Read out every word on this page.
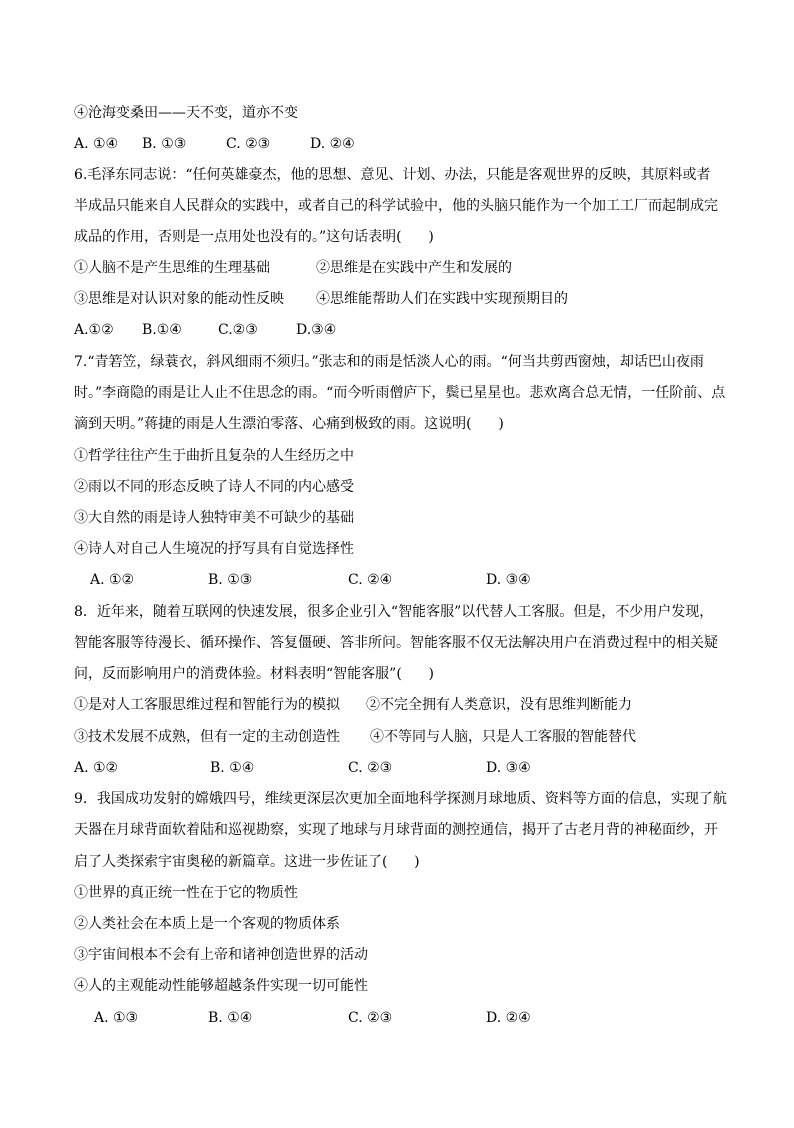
④沧海变桑田——天不变，道亦不变

A. ①④

B. ①③

	C. ②③

	D. ②④

6.毛泽东同志说：“任何英雄豪杰，他的思想、意见、计划、办法，只能是客观世界的反映，其原料或者
半成品只能来自人民群众的实践中，或者自己的科学试验中，他的头脑只能作为一个加工工厂而起制成完
成品的作用，否则是一点用处也没有的。”这句话表明(      )

①人脑不是产生思维的生理基础

	②思维是在实践中产生和发展的

③思维是对认识对象的能动性反映

④思维能帮助人们在实践中实现预期目的

A.①②

B.①④

	C.②③

	D.③④

7.“青箬笠，绿蓑衣，斜风细雨不须归。”张志和的雨是恬淡人心的雨。“何当共剪西窗烛，却话巴山夜雨
时。”李商隐的雨是让人止不住思念的雨。“而今听雨僧庐下，鬓已星星也。悲欢离合总无情，一任阶前、点
滴到天明。”蒋捷的雨是人生漂泊零落、心痛到极致的雨。这说明(      )
①哲学往往产生于曲折且复杂的人生经历之中
②雨以不同的形态反映了诗人不同的内心感受
③大自然的雨是诗人独特审美不可缺少的基础
④诗人对自己人生境况的抒写具有自觉选择性

A. ①②

	B. ①③

	C. ②④

	D. ③④

8．近年来，随着互联网的快速发展，很多企业引入“智能客服”以代替人工客服。但是，不少用户发现，
智能客服等待漫长、循环操作、答复僵硬、答非所问。智能客服不仅无法解决用户在消费过程中的相关疑
问，反而影响用户的消费体验。材料表明“智能客服”(      )

①是对人工客服思维过程和智能行为的模拟

②不完全拥有人类意识，没有思维判断能力

③技术发展不成熟，但有一定的主动创造性

④不等同与人脑，只是人工客服的智能替代

A. ①②

	B. ①④

	C. ②③

	D. ③④

9．我国成功发射的嫦娥四号，维续更深层次更加全面地科学探测月球地质、资料等方面的信息，实现了航
天器在月球背面软着陆和巡视勘察，实现了地球与月球背面的测控通信，揭开了古老月背的神秘面纱，开
启了人类探索宇宙奥秘的新篇章。这进一步佐证了(      )
①世界的真正统一性在于它的物质性
②人类社会在本质上是一个客观的物质体系
③宇宙间根本不会有上帝和诸神创造世界的活动
④人的主观能动性能够超越条件实现一切可能性

A. ①③

	B. ①④

	C. ②③

	D. ②④
